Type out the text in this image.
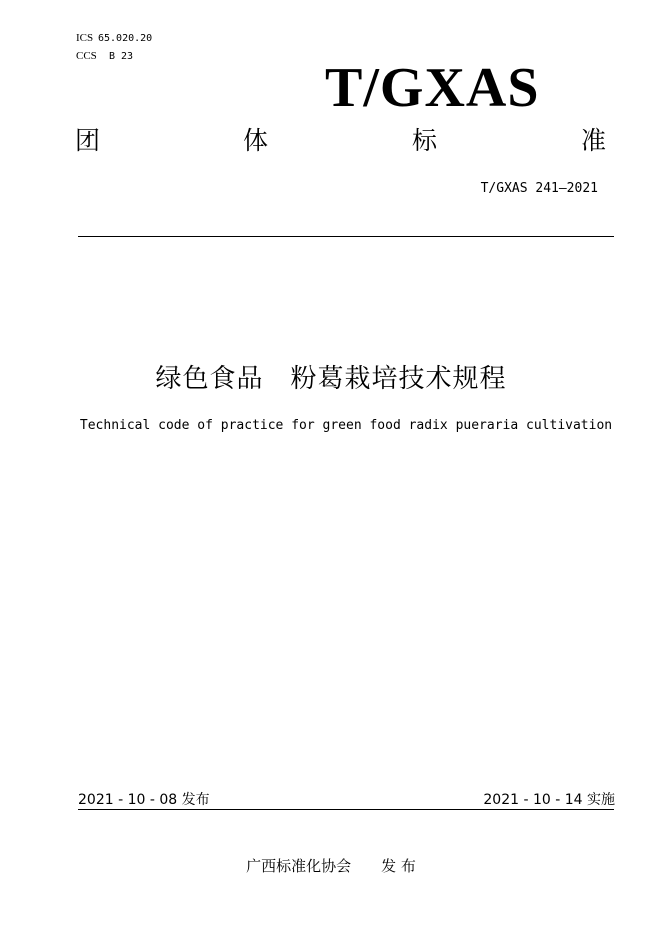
ICS 65.020.20
CCS B 23
T/GXAS
团	体	标	准
T/GXAS 241—2021
绿色食品　粉葛栽培技术规程
Technical code of practice for green food radix pueraria cultivation
2021 - 10 - 08 发布	2021 - 10 - 14 实施
广西标准化协会　　发 布
